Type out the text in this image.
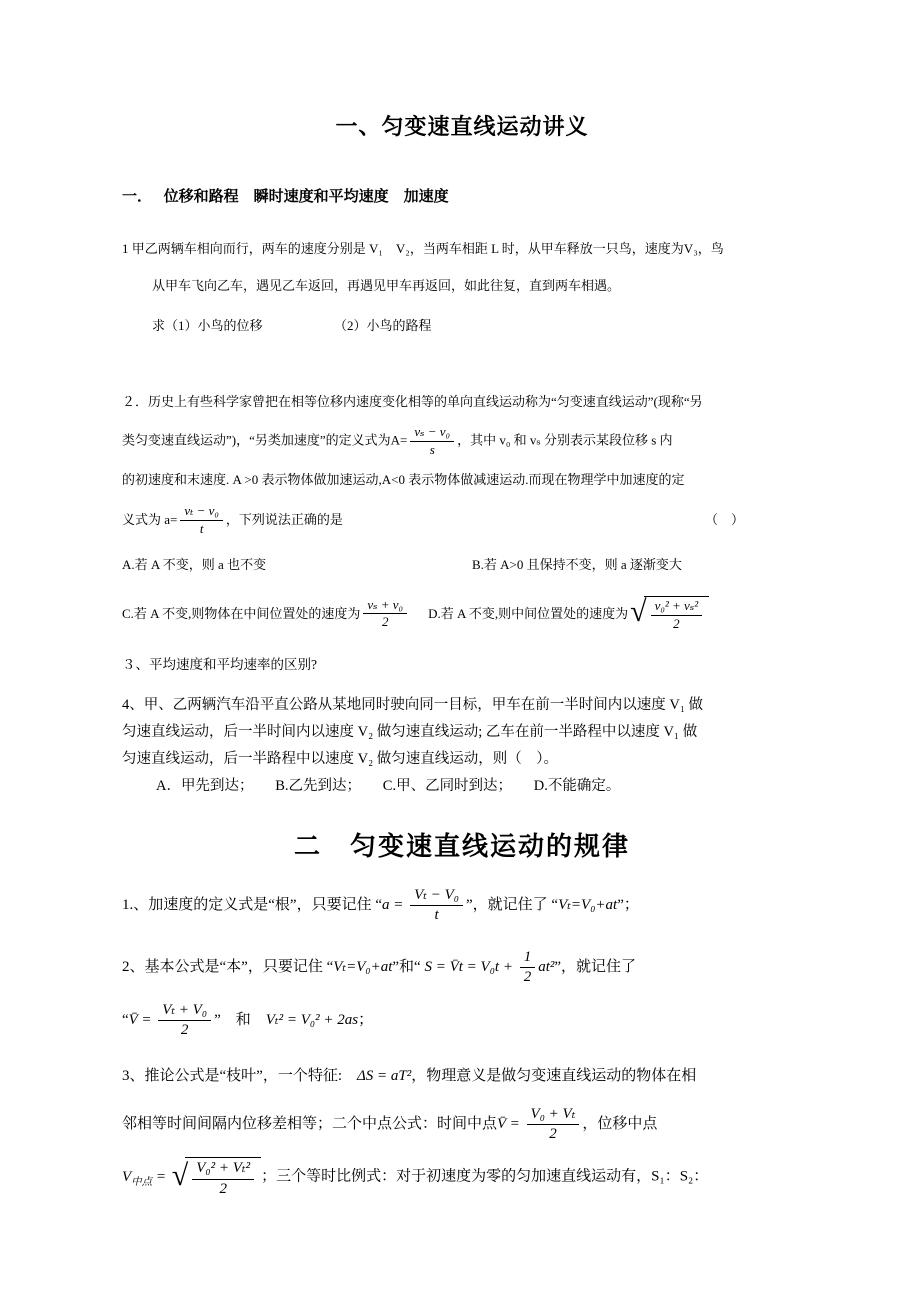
一、匀变速直线运动讲义
一．　 位移和路程　瞬时速度和平均速度　加速度
1 甲乙两辆车相向而行，两车的速度分别是 V₁　V₂，当两车相距 L 时，从甲车释放一只鸟，速度为V₃，鸟
从甲车飞向乙车，遇见乙车返回，再遇见甲车再返回，如此往复，直到两车相遇。
求（1）小鸟的位移　　　　　　（2）小鸟的路程
２．历史上有些科学家曾把在相等位移内速度变化相等的单向直线运动称为“匀变速直线运动”(现称“另
类匀变速直线运动”)，“另类加速度”的定义式为$A= \frac{\text{vₛ − v₀}}{s}$ ，其中 v₀ 和 vₛ 分别表示某段位移 s 内
的初速度和末速度. A >0 表示物体做加速运动,A<0 表示物体做减速运动.而现在物理学中加速度的定
义式为 $a= \frac{\text{vₜ − v₀}}{t}$ ，下列说法正确的是	（　）
A.若 A 不变，则 a 也不变	B.若 A>0 且保持不变，则 a 逐渐变大
C.若 A 不变,则物体在中间位置处的速度为 $\frac{\text{vₛ + v₀}}{2} D$.若 A 不变,则中间位置处的速度为 √ $\frac{\text{v₀² + vₛ²}}{2}$
３、平均速度和平均速率的区别?
4、甲、乙两辆汽车沿平直公路从某地同时驶向同一目标，甲车在前一半时间内以速度 V₁ 做
匀速直线运动，后一半时间内以速度 V₂ 做匀速直线运动; 乙车在前一半路程中以速度 V₁ 做
匀速直线运动，后一半路程中以速度 V₂ 做匀速直线运动，则（　）。
A．甲先到达；　　B.乙先到达；　　C.甲、乙同时到达；　　D.不能确定。
二　匀变速直线运动的规律
1.、加速度的定义式是“根”，只要记住 “$a = \frac{\text{Vₜ − V₀}}{t}$ ”，就记住了 “Vₜ=V₀+at”；
2、基本公式是“本”，只要记住 “Vₜ=V₀+at”和“ S = V̄t = $V_0t + \frac{1}{2} at^2$”，就记住了
“V̄ = $\frac{\text{Vₜ + V₀}}{2}$ ”　和　Vₜ² = V₀² + 2as；
3、推论公式是“枝叶”，一个特征:　ΔS = aT²，物理意义是做匀变速直线运动的物体在相
邻相等时间间隔内位移差相等；二个中点公式：时间中点V̄ = $\frac{\text{V₀ + Vₜ}}{2}$ ，位移中点
$V_{中点}$ = √ $\frac{\text{V₀² + Vₜ²}}{2}$ ；三个等时比例式：对于初速度为零的匀加速直线运动有，S₁：S₂：
